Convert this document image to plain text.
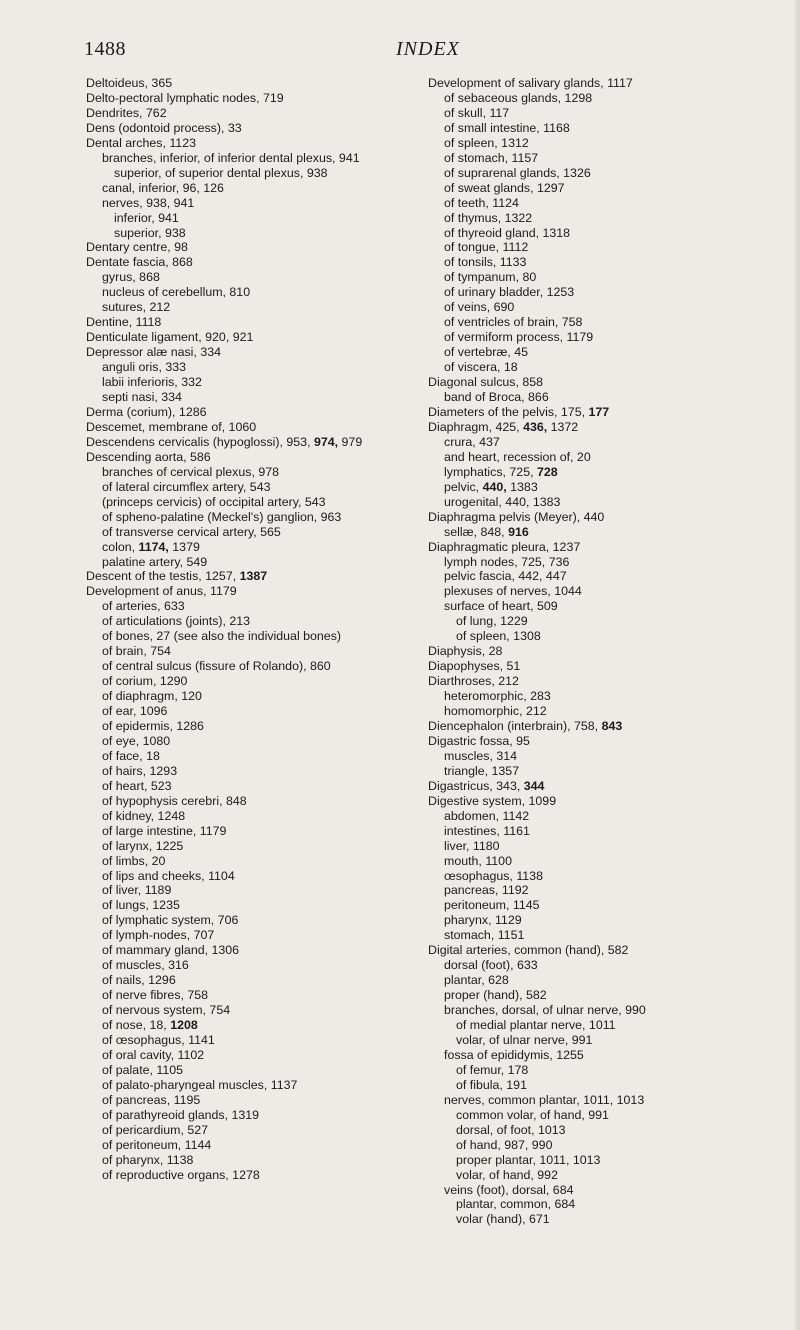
1488	INDEX
Deltoideus, 365
Delto-pectoral lymphatic nodes, 719
Dendrites, 762
Dens (odontoid process), 33
Dental arches, 1123
branches, inferior, of inferior dental plexus, 941
superior, of superior dental plexus, 938
canal, inferior, 96, 126
nerves, 938, 941
inferior, 941
superior, 938
Dentary centre, 98
Dentate fascia, 868
gyrus, 868
nucleus of cerebellum, 810
sutures, 212
Dentine, 1118
Denticulate ligament, 920, 921
Depressor alæ nasi, 334
anguli oris, 333
labii inferioris, 332
septi nasi, 334
Derma (corium), 1286
Descemet, membrane of, 1060
Descendens cervicalis (hypoglossi), 953, 974, 979
Descending aorta, 586
branches of cervical plexus, 978
of lateral circumflex artery, 543
(princeps cervicis) of occipital artery, 543
of spheno-palatine (Meckel's) ganglion, 963
of transverse cervical artery, 565
colon, 1174, 1379
palatine artery, 549
Descent of the testis, 1257, 1387
Development of anus, 1179
of arteries, 633
of articulations (joints), 213
of bones, 27 (see also the individual bones)
of brain, 754
of central sulcus (fissure of Rolando), 860
of corium, 1290
of diaphragm, 120
of ear, 1096
of epidermis, 1286
of eye, 1080
of face, 18
of hairs, 1293
of heart, 523
of hypophysis cerebri, 848
of kidney, 1248
of large intestine, 1179
of larynx, 1225
of limbs, 20
of lips and cheeks, 1104
of liver, 1189
of lungs, 1235
of lymphatic system, 706
of lymph-nodes, 707
of mammary gland, 1306
of muscles, 316
of nails, 1296
of nerve fibres, 758
of nervous system, 754
of nose, 18, 1208
of œsophagus, 1141
of oral cavity, 1102
of palate, 1105
of palato-pharyngeal muscles, 1137
of pancreas, 1195
of parathyreoid glands, 1319
of pericardium, 527
of peritoneum, 1144
of pharynx, 1138
of reproductive organs, 1278
Development of salivary glands, 1117
of sebaceous glands, 1298
of skull, 117
of small intestine, 1168
of spleen, 1312
of stomach, 1157
of suprarenal glands, 1326
of sweat glands, 1297
of teeth, 1124
of thymus, 1322
of thyreoid gland, 1318
of tongue, 1112
of tonsils, 1133
of tympanum, 80
of urinary bladder, 1253
of veins, 690
of ventricles of brain, 758
of vermiform process, 1179
of vertebræ, 45
of viscera, 18
Diagonal sulcus, 858
band of Broca, 866
Diameters of the pelvis, 175, 177
Diaphragm, 425, 436, 1372
crura, 437
and heart, recession of, 20
lymphatics, 725, 728
pelvic, 440, 1383
urogenital, 440, 1383
Diaphragma pelvis (Meyer), 440
sellæ, 848, 916
Diaphragmatic pleura, 1237
lymph nodes, 725, 736
pelvic fascia, 442, 447
plexuses of nerves, 1044
surface of heart, 509
of lung, 1229
of spleen, 1308
Diaphysis, 28
Diapophyses, 51
Diarthroses, 212
heteromorphic, 283
homomorphic, 212
Diencephalon (interbrain), 758, 843
Digastric fossa, 95
muscles, 314
triangle, 1357
Digastricus, 343, 344
Digestive system, 1099
abdomen, 1142
intestines, 1161
liver, 1180
mouth, 1100
œsophagus, 1138
pancreas, 1192
peritoneum, 1145
pharynx, 1129
stomach, 1151
Digital arteries, common (hand), 582
dorsal (foot), 633
plantar, 628
proper (hand), 582
branches, dorsal, of ulnar nerve, 990
of medial plantar nerve, 1011
volar, of ulnar nerve, 991
fossa of epididymis, 1255
of femur, 178
of fibula, 191
nerves, common plantar, 1011, 1013
common volar, of hand, 991
dorsal, of foot, 1013
of hand, 987, 990
proper plantar, 1011, 1013
volar, of hand, 992
veins (foot), dorsal, 684
plantar, common, 684
volar (hand), 671
